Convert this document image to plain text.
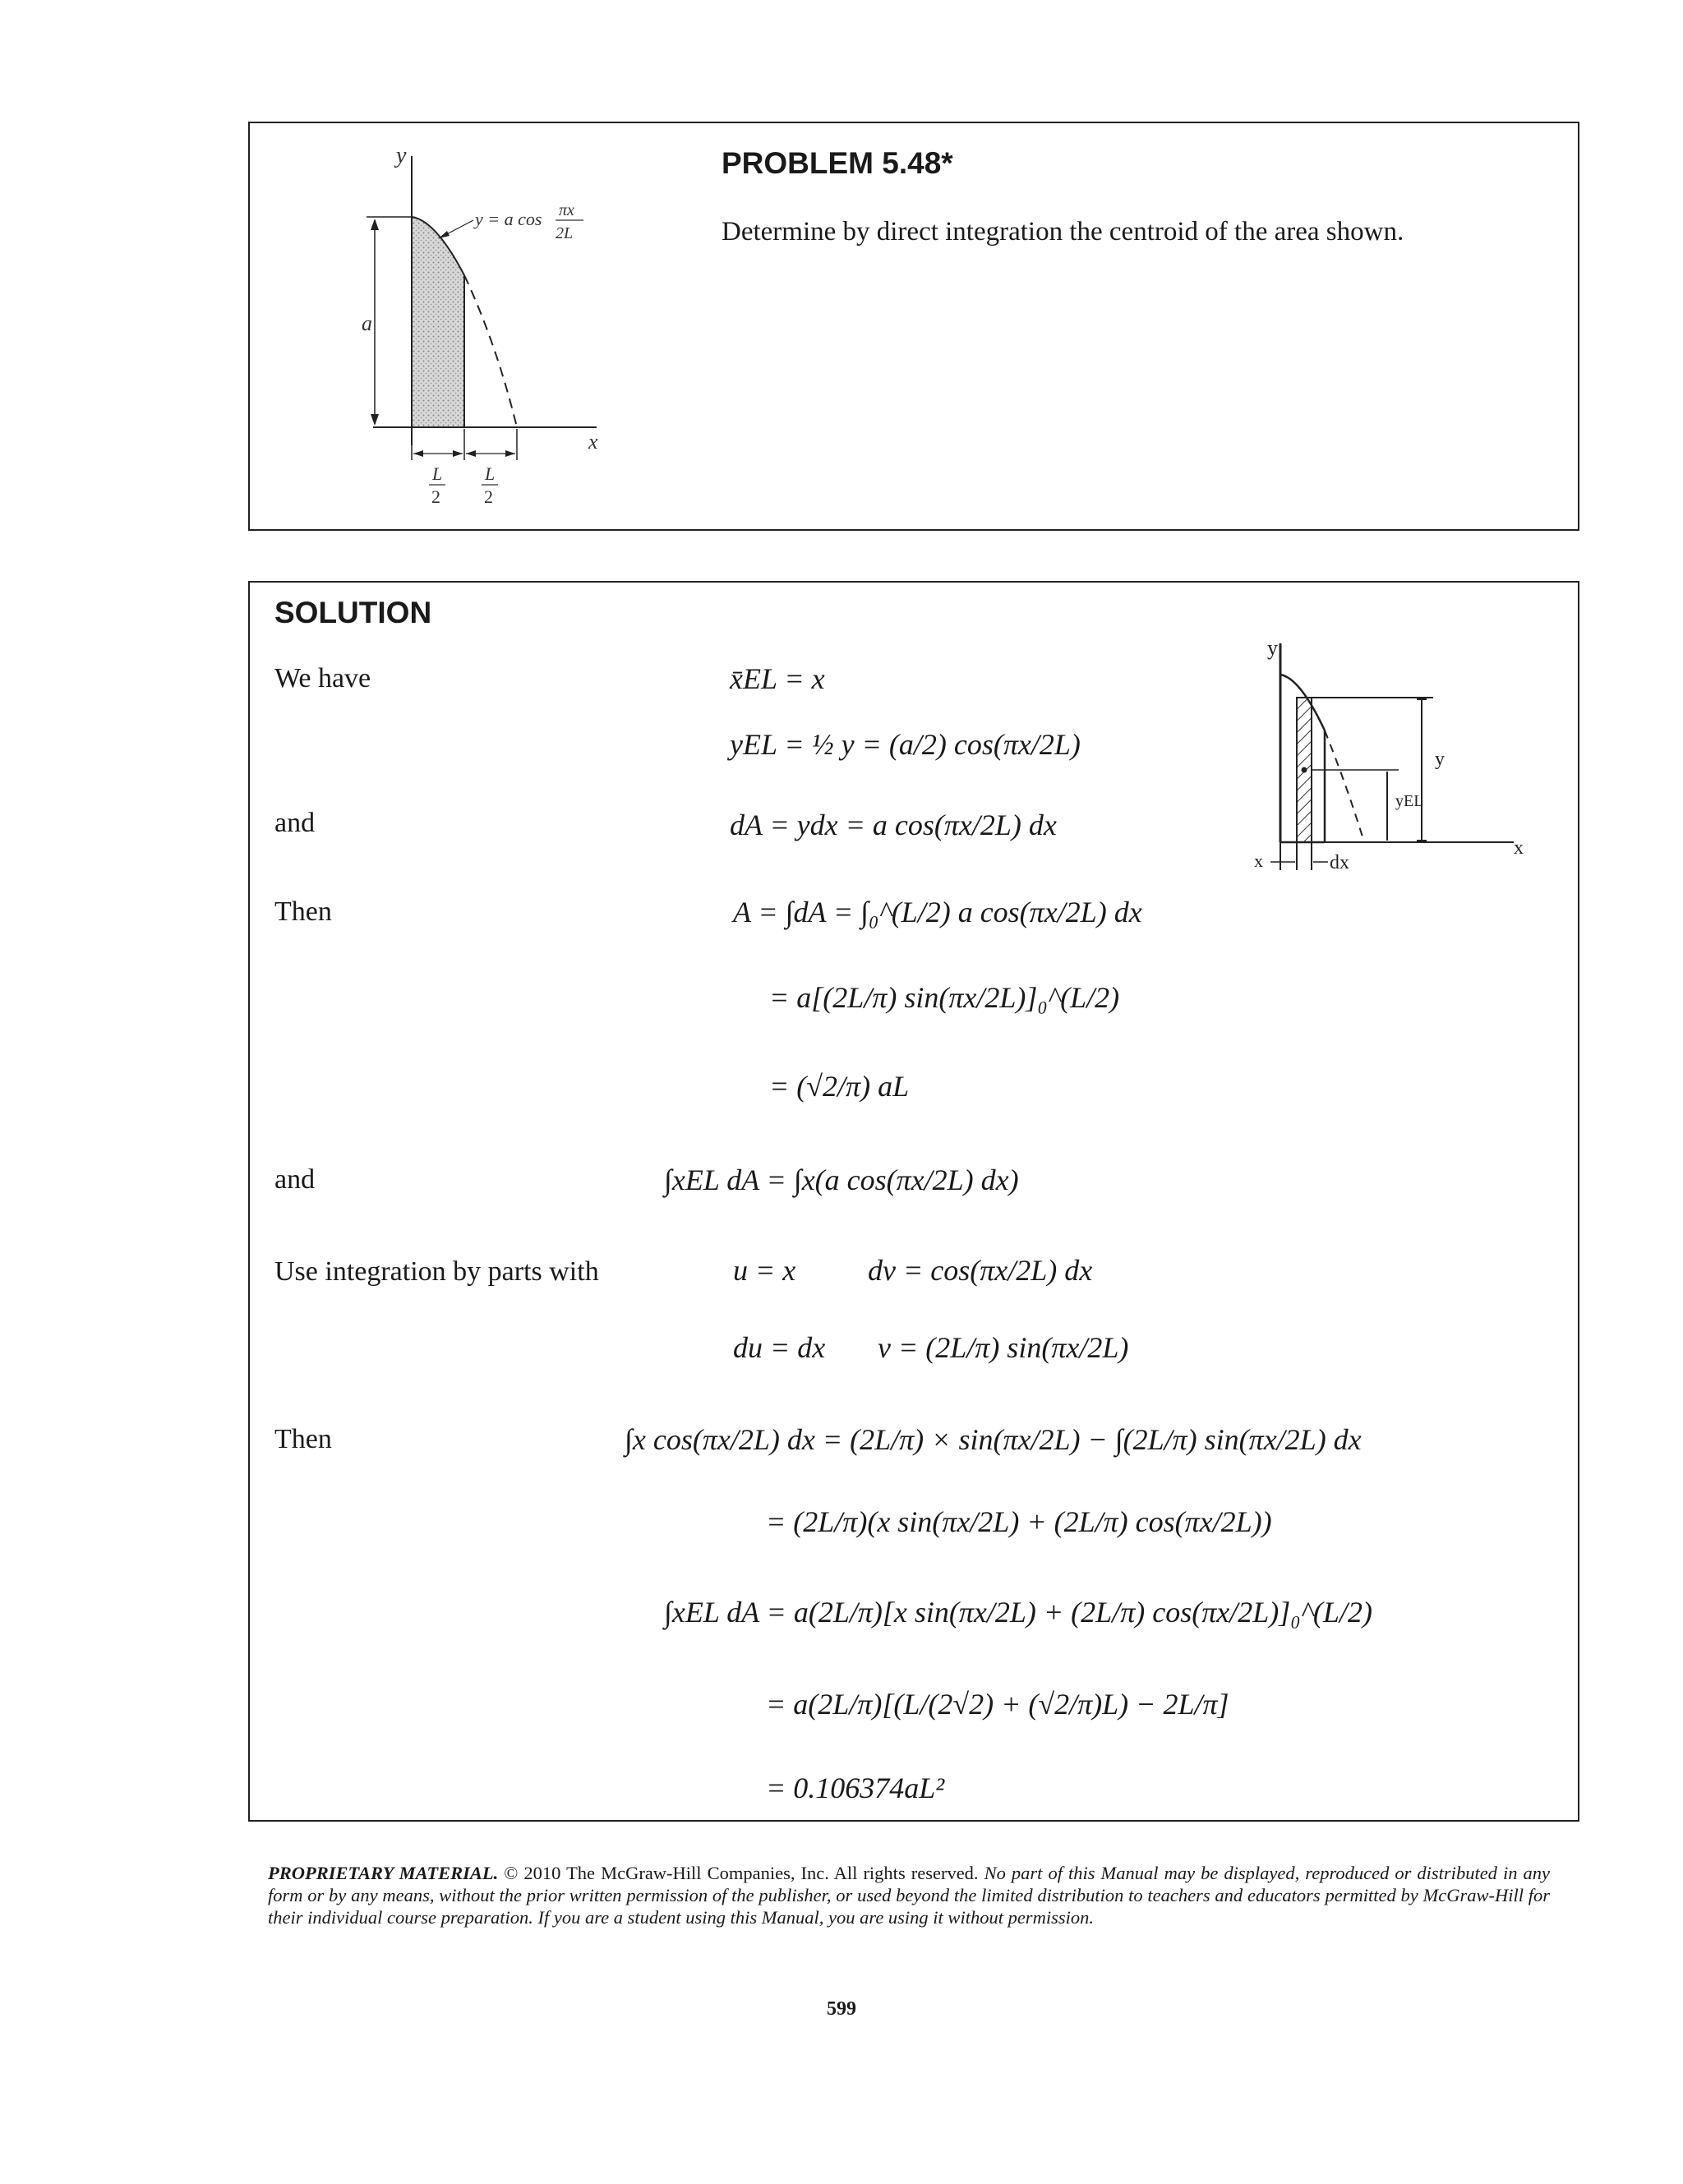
a
y
x
y = a cos πx
2L
L
2
L
2
PROBLEM 5.48*
Determine by direct integration the centroid of the area shown.
SOLUTION
We have
and
Then
and
Use integration by parts with
Then
x̄EL = x
yEL = ½ y = (a/2) cos(πx/2L)
dA = ydx = a cos(πx/2L) dx
A = ∫dA = ∫₀^(L/2) a cos(πx/2L) dx
= a[(2L/π) sin(πx/2L)]₀^(L/2)
= (√2/π) aL
∫xEL dA = ∫x(a cos(πx/2L) dx)
u = x dv = cos(πx/2L) dx
du = dx v = (2L/π) sin(πx/2L)
∫x cos(πx/2L) dx = (2L/π) × sin(πx/2L) − ∫(2L/π) sin(πx/2L) dx
= (2L/π)(x sin(πx/2L) + (2L/π) cos(πx/2L))
∫xEL dA = a(2L/π)[x sin(πx/2L) + (2L/π) cos(πx/2L)]₀^(L/2)
= a(2L/π)[(L/(2√2) + (√2/π)L) − 2L/π]
= 0.106374aL²
y
x
y
yEL
x	dx
PROPRIETARY MATERIAL. © 2010 The McGraw-Hill Companies, Inc. All rights reserved. No part of this Manual may be displayed, reproduced or distributed in any form or by any means, without the prior written permission of the publisher, or used beyond the limited distribution to teachers and educators permitted by McGraw-Hill for their individual course preparation. If you are a student using this Manual, you are using it without permission.
599
